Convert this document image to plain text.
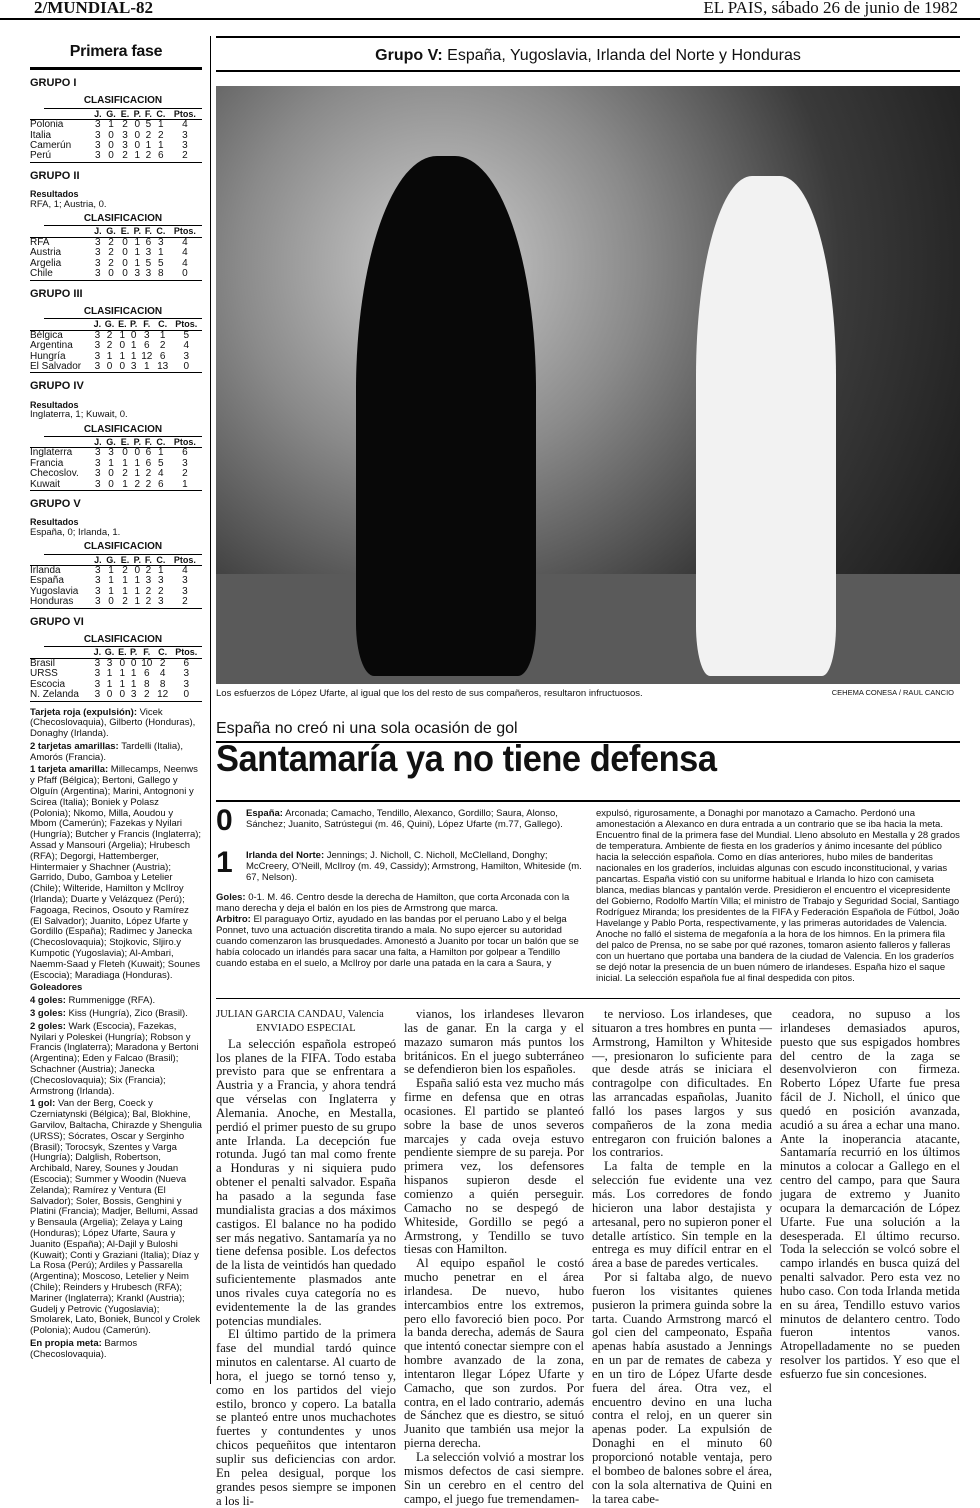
2/MUNDIAL-82	EL PAIS, sábado 26 de junio de 1982
Primera fase
GRUPO I
CLASIFICACION
	J.	G.	E.	P.	F.	C.	Ptos.
Polonia	3	1	2	0	5	1	4
Italia	3	0	3	0	2	2	3
Camerún	3	0	3	0	1	1	3
Perú	3	0	2	1	2	6	2
GRUPO II
Resultados
RFA, 1; Austria, 0.
CLASIFICACION
	J.	G.	E.	P.	F.	C.	Ptos.
RFA	3	2	0	1	6	3	4
Austria	3	2	0	1	3	1	4
Argelia	3	2	0	1	5	5	4
Chile	3	0	0	3	3	8	0
GRUPO III
CLASIFICACION
	J.	G.	E.	P.	F.	C.	Ptos.
Bélgica	3	2	1	0	3	1	5
Argentina	3	2	0	1	6	2	4
Hungría	3	1	1	1	12	6	3
El Salvador	3	0	0	3	1	13	0
GRUPO IV
Resultados
Inglaterra, 1; Kuwait, 0.
CLASIFICACION
	J.	G.	E.	P.	F.	C.	Ptos.
Inglaterra	3	3	0	0	6	1	6
Francia	3	1	1	1	6	5	3
Checoslov.	3	0	2	1	2	4	2
Kuwait	3	0	1	2	2	6	1
GRUPO V
Resultados
España, 0; Irlanda, 1.
CLASIFICACION
	J.	G.	E.	P.	F.	C.	Ptos.
Irlanda	3	1	2	0	2	1	4
España	3	1	1	1	3	3	3
Yugoslavia	3	1	1	1	2	2	3
Honduras	3	0	2	1	2	3	2
GRUPO VI
CLASIFICACION
	J.	G.	E.	P.	F.	C.	Ptos.
Brasil	3	3	0	0	10	2	6
URSS	3	1	1	1	6	4	3
Escocia	3	1	1	1	8	8	3
N. Zelanda	3	0	0	3	2	12	0

Tarjeta roja (expulsión): Vicek (Checoslovaquia), Gilberto (Honduras), Donaghy (Irlanda).

2 tarjetas amarillas: Tardelli (Italia), Amorós (Francia).

1 tarjeta amarilla: Millecamps, Neenws y Pfaff (Bélgica); Bertoni, Gallego y Olguín (Argentina); Marini, Antognoni y Scirea (Italia); Boniek y Polasz (Polonia); Nkomo, Milla, Aoudou y Mbom (Camerún); Fazekas y Nyilari (Hungría); Butcher y Francis (Inglaterra); Assad y Mansouri (Argelia); Hrubesch (RFA); Degorgi, Hattemberger, Hintermaier y Shachner (Austria); Garrido, Dubo, Gamboa y Letelier (Chile); Wilteride, Hamilton y McIlroy (Irlanda); Duarte y Velázquez (Perú); Fagoaga, Recinos, Osouto y Ramírez (El Salvador); Juanito, López Ufarte y Gordillo (España); Radimec y Janecka (Checoslovaquia); Stojkovic, Sljiro.y Kumpotic (Yugoslavia); Al-Ambari, Naemm-Saad y Fleteh (Kuwait); Sounes (Escocia); Maradiaga (Honduras).

Goleadores

4 goles: Rummenigge (RFA).

3 goles: Kiss (Hungría), Zico (Brasil).

2 goles: Wark (Escocia), Fazekas, Nyilari y Poleskei (Hungría); Robson y Francis (Inglaterra); Maradona y Bertoni (Argentina); Eden y Falcao (Brasil); Schachner (Austria); Janecka (Checoslovaquia); Six (Francia); Armstrong (Irlanda).

1 gol: Van der Berg, Coeck y Czerniatynski (Bélgica); Bal, Blokhine, Garvilov, Baltacha, Chirazde y Shengulia (URSS); Sócrates, Oscar y Serginho (Brasil); Torocsyk, Szentes y Varga (Hungría); Dalglish, Robertson, Archibald, Narey, Sounes y Joudan (Escocia); Summer y Woodin (Nueva Zelanda); Ramírez y Ventura (El Salvador); Soler, Bossis, Genghini y Platini (Francia); Madjer, Bellumi, Assad y Bensaula (Argelia); Zelaya y Laing (Honduras); López Ufarte, Saura y Juanito (España); Al-Dajil y Buloshi (Kuwait); Conti y Graziani (Italia); Díaz y La Rosa (Perú); Ardiles y Passarella (Argentina); Moscoso, Letelier y Neim (Chile); Reinders y Hrubesch (RFA); Mariner (Inglaterra); Krankl (Austria); Gudelj y Petrovic (Yugoslavia); Smolarek, Lato, Boniek, Buncol y Crolek (Polonia); Audou (Camerún).

En propia meta: Barmos (Checoslovaquia).

Grupo V: España, Yugoslavia, Irlanda del Norte y Honduras
Los esfuerzos de López Ufarte, al igual que los del resto de sus compañeros, resultaron infructuosos.	CEHEMA CONESA / RAUL CANCIO
España no creó ni una sola ocasión de gol
Santamaría ya no tiene defensa
0 España: Arconada; Camacho, Tendillo, Alexanco, Gordillo; Saura, Alonso, Sánchez; Juanito, Satrústegui (m. 46, Quini), López Ufarte (m.77, Gallego).
1 Irlanda del Norte: Jennings; J. Nicholl, C. Nicholl, McClelland, Donghy; McCreery, O'Neill, McIlroy (m. 49, Cassidy); Armstrong, Hamilton, Whiteside (m. 67, Nelson).

Goles: 0-1. M. 46. Centro desde la derecha de Hamilton, que corta Arconada con la mano derecha y deja el balón en los pies de Armstrong que marca.

Arbitro: El paraguayo Ortiz, ayudado en las bandas por el peruano Labo y el belga Ponnet, tuvo una actuación discretita tirando a mala. No supo ejercer su autoridad cuando comenzaron las brusquedades. Amonestó a Juanito por tocar un balón que se había colocado un irlandés para sacar una falta, a Hamilton por golpear a Tendillo cuando estaba en el suelo, a McIlroy por darle una patada en la cara a Saura, y

expulsó, rigurosamente, a Donaghi por manotazo a Camacho. Perdonó una amonestación a Alexanco en dura entrada a un contrario que se iba hacia la meta. Encuentro final de la primera fase del Mundial. Lleno absoluto en Mestalla y 28 grados de temperatura. Ambiente de fiesta en los graderíos y ánimo incesante del público hacia la selección española. Como en días anteriores, hubo miles de banderitas nacionales en los graderíos, incluidas algunas con escudo inconstitucional, y varias pancartas. España vistió con su uniforme habitual e Irlanda lo hizo con camiseta blanca, medias blancas y pantalón verde. Presidieron el encuentro el vicepresidente del Gobierno, Rodolfo Martín Villa; el ministro de Trabajo y Seguridad Social, Santiago Rodríguez Miranda; los presidentes de la FIFA y Federación Española de Fútbol, João Havelange y Pablo Porta, respectivamente, y las primeras autoridades de Valencia. Anoche no falló el sistema de megafonía a la hora de los himnos. En la primera fila del palco de Prensa, no se sabe por qué razones, tomaron asiento falleros y falleras con un huertano que portaba una bandera de la ciudad de Valencia. En los graderíos se dejó notar la presencia de un buen número de irlandeses. España hizo el saque inicial. La selección española fue al final despedida con pitos.

JULIAN GARCIA CANDAU, Valencia

ENVIADO ESPECIAL

La selección española estropeó los planes de la FIFA. Todo estaba previsto para que se enfrentara a Austria y a Francia, y ahora tendrá que vérselas con Inglaterra y Alemania. Anoche, en Mestalla, perdió el primer puesto de su grupo ante Irlanda. La decepción fue rotunda. Jugó tan mal como frente a Honduras y ni siquiera pudo obtener el penalti salvador. España ha pasado a la segunda fase mundialista gracias a dos máximos castigos. El balance no ha podido ser más negativo. Santamaría ya no tiene defensa posible. Los defectos de la lista de veintidós han quedado suficientemente plasmados ante unos rivales cuya categoría no es evidentemente la de las grandes potencias mundiales.

El último partido de la primera fase del mundial tardó quince minutos en calentarse. Al cuarto de hora, el juego se tornó tenso y, como en los partidos del viejo estilo, bronco y copero. La batalla se planteó entre unos muchachotes fuertes y contundentes y unos chicos pequeñitos que intentaron suplir sus deficiencias con ardor. En pelea desigual, porque los grandes pesos siempre se imponen a los li-

vianos, los irlandeses llevaron las de ganar. En la carga y el mazazo sumaron más puntos los británicos. En el juego subterráneo se defendieron bien los españoles.

España salió esta vez mucho más firme en defensa que en otras ocasiones. El partido se planteó sobre la base de unos severos marcajes y cada oveja estuvo pendiente siempre de su pareja. Por primera vez, los defensores hispanos supieron desde el comienzo a quién perseguir. Camacho no se despegó de Whiteside, Gordillo se pegó a Armstrong, y Tendillo se tuvo tiesas con Hamilton.

Al equipo español le costó mucho penetrar en el área irlandesa. De nuevo, hubo intercambios entre los extremos, pero ello favoreció bien poco. Por la banda derecha, además de Saura que intentó conectar siempre con el hombre avanzado de la zona, intentaron llegar López Ufarte y Camacho, que son zurdos. Por contra, en el lado contrario, además de Sánchez que es diestro, se situó Juanito que también usa mejor la pierna derecha.

La selección volvió a mostrar los mismos defectos de casi siempre. Sin un cerebro en el centro del campo, el juego fue tremendamen-

te nervioso. Los irlandeses, que situaron a tres hombres en punta —Armstrong, Hamilton y Whiteside—, presionaron lo suficiente para que desde atrás se iniciara el contragolpe con dificultades. En las arrancadas españolas, Juanito falló los pases largos y sus compañeros de la zona media entregaron con fruición balones a los contrarios.

La falta de temple en la selección fue evidente una vez más. Los corredores de fondo hicieron una labor destajista y artesanal, pero no supieron poner el detalle artístico. Sin temple en la entrega es muy difícil entrar en el área a base de paredes verticales.

Por si faltaba algo, de nuevo fueron los visitantes quienes pusieron la primera guinda sobre la tarta. Cuando Armstrong marcó el gol cien del campeonato, España apenas había asustado a Jennings en un par de remates de cabeza y en un tiro de López Ufarte desde fuera del área. Otra vez, el encuentro devino en una lucha contra el reloj, en un querer sin apenas poder. La expulsión de Donaghi en el minuto 60 proporcionó notable ventaja, pero el bombeo de balones sobre el área, con la sola alternativa de Quini en la tarea cabe-

ceadora, no supuso a los irlandeses demasiados apuros, puesto que sus espigados hombres del centro de la zaga se desenvolvieron con firmeza. Roberto López Ufarte fue presa fácil de J. Nicholl, el único que quedó en posición avanzada, acudió a su área a echar una mano. Ante la inoperancia atacante, Santamaría recurrió en los últimos minutos a colocar a Gallego en el centro del campo, para que Saura jugara de extremo y Juanito ocupara la demarcación de López Ufarte. Fue una solución a la desesperada. El último recurso. Toda la selección se volcó sobre el campo irlandés en busca quizá del penalti salvador. Pero esta vez no hubo caso. Con toda Irlanda metida en su área, Tendillo estuvo varios minutos de delantero centro. Todo fueron intentos vanos. Atropelladamente no se pueden resolver los partidos. Y eso que el esfuerzo fue sin concesiones.
